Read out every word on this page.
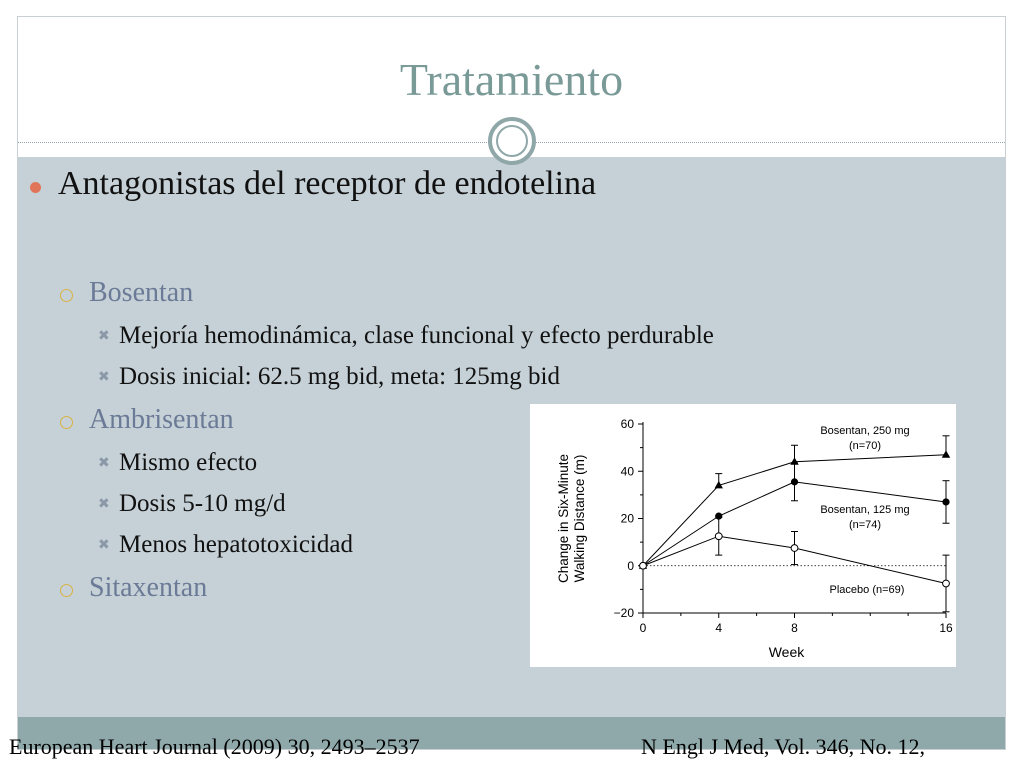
Tratamiento
Antagonistas del receptor de endotelina
Bosentan
✖ Mejoría hemodinámica, clase funcional y efecto perdurable
✖ Dosis inicial: 62.5 mg bid, meta: 125mg bid
Ambrisentan
✖ Mismo efecto
✖ Dosis 5-10 mg/d
✖ Menos hepatotoxicidad
Sitaxentan
60
40
20
0
−20
0	4	8	16
Week
Change in Six-Minute Walking Distance (m)
Bosentan, 250 mg
(n=70)
Bosentan, 125 mg
(n=74)
Placebo (n=69)
European Heart Journal (2009) 30, 2493–2537	N Engl J Med, Vol. 346, No. 12,
